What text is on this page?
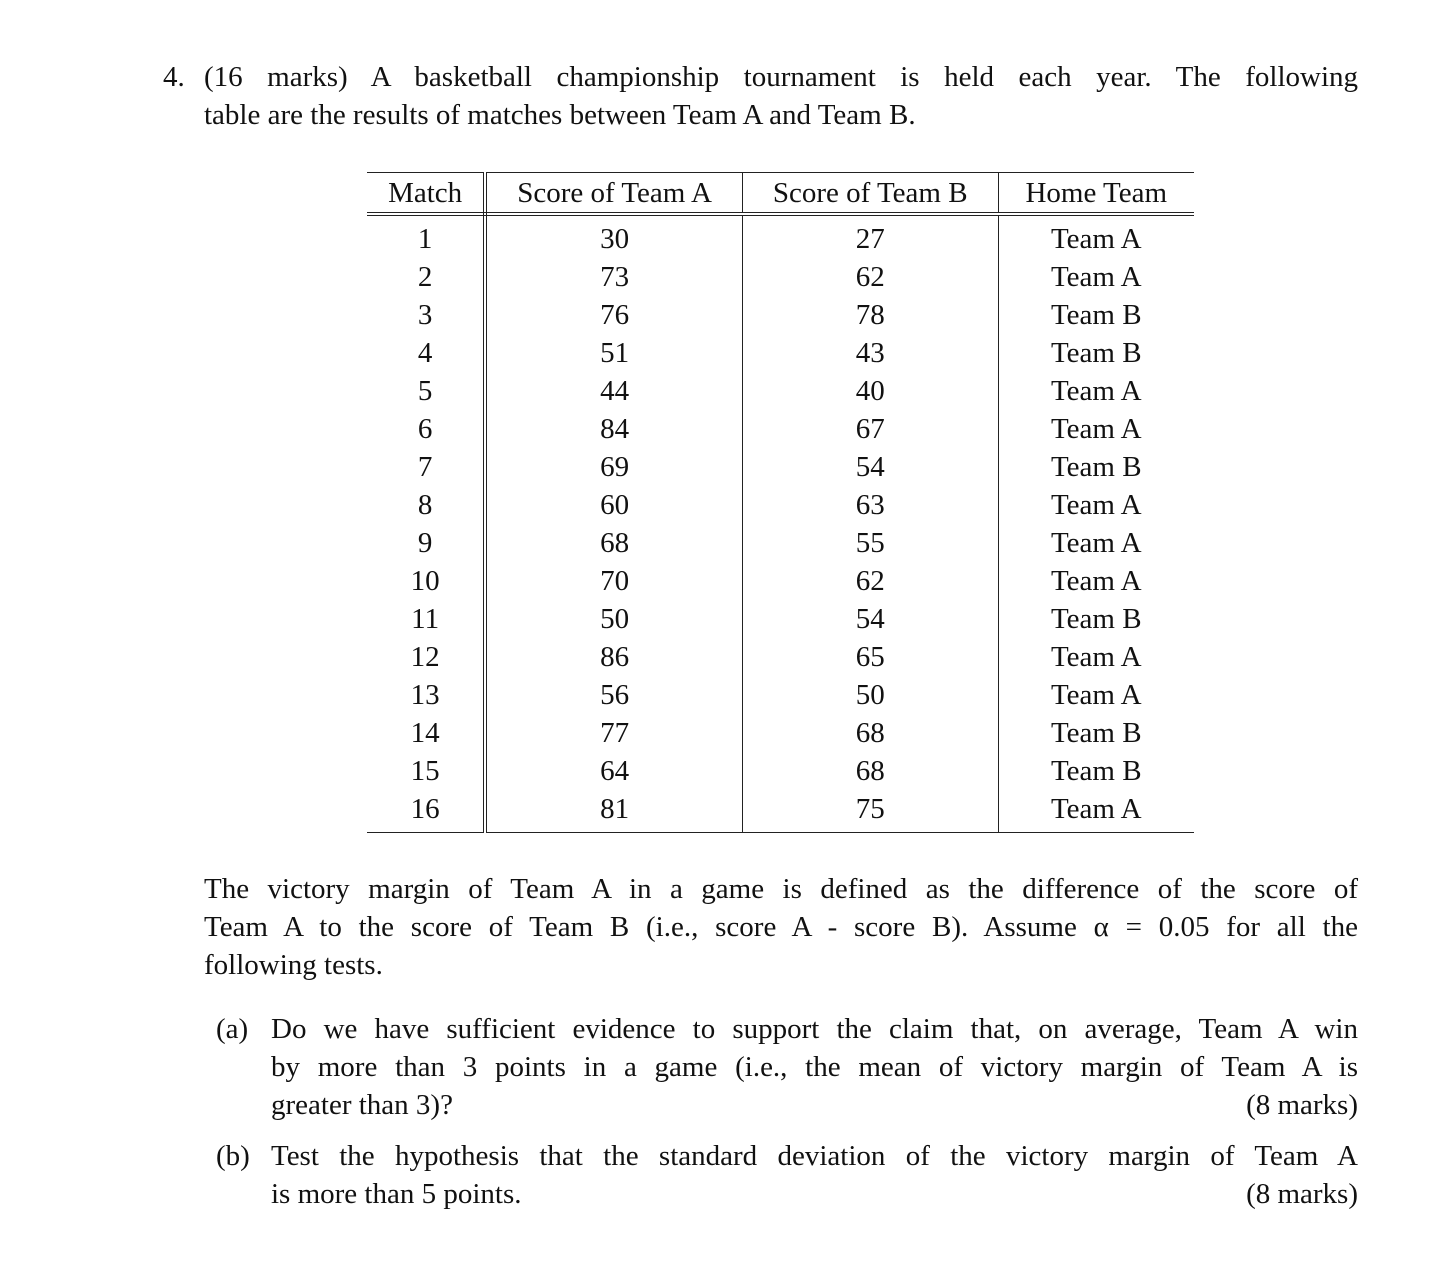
4. (16 marks) A basketball championship tournament is held each year. The following
table are the results of matches between Team A and Team B.
Match	Score of Team A	Score of Team B	Home Team
1	30	27	Team A
2	73	62	Team A
3	76	78	Team B
4	51	43	Team B
5	44	40	Team A
6	84	67	Team A
7	69	54	Team B
8	60	63	Team A
9	68	55	Team A
10	70	62	Team A
11	50	54	Team B
12	86	65	Team A
13	56	50	Team A
14	77	68	Team B
15	64	68	Team B
16	81	75	Team A
The victory margin of Team A in a game is defined as the difference of the score of
Team A to the score of Team B (i.e., score A - score B). Assume α = 0.05 for all the
following tests.
(a) Do we have sufficient evidence to support the claim that, on average, Team A win
by more than 3 points in a game (i.e., the mean of victory margin of Team A is
greater than 3)?	(8 marks)
(b) Test the hypothesis that the standard deviation of the victory margin of Team A
is more than 5 points.	(8 marks)
